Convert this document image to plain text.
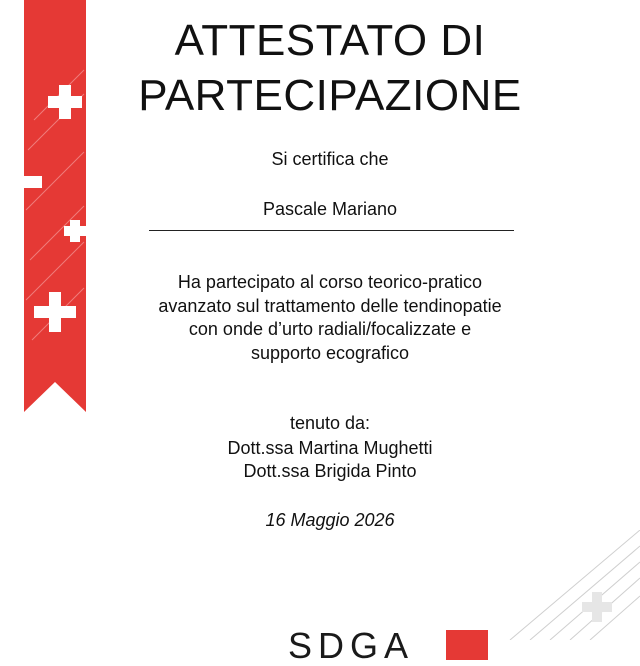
ATTESTATO DI
PARTECIPAZIONE

Si certifica che

Pascale Mariano

Ha partecipato al corso teorico-pratico
avanzato sul trattamento delle tendinopatie
con onde d’urto radiali/focalizzate e
supporto ecografico

tenuto da:

Dott.ssa Martina Mughetti

Dott.ssa Brigida Pinto

16 Maggio 2026

SDGA
